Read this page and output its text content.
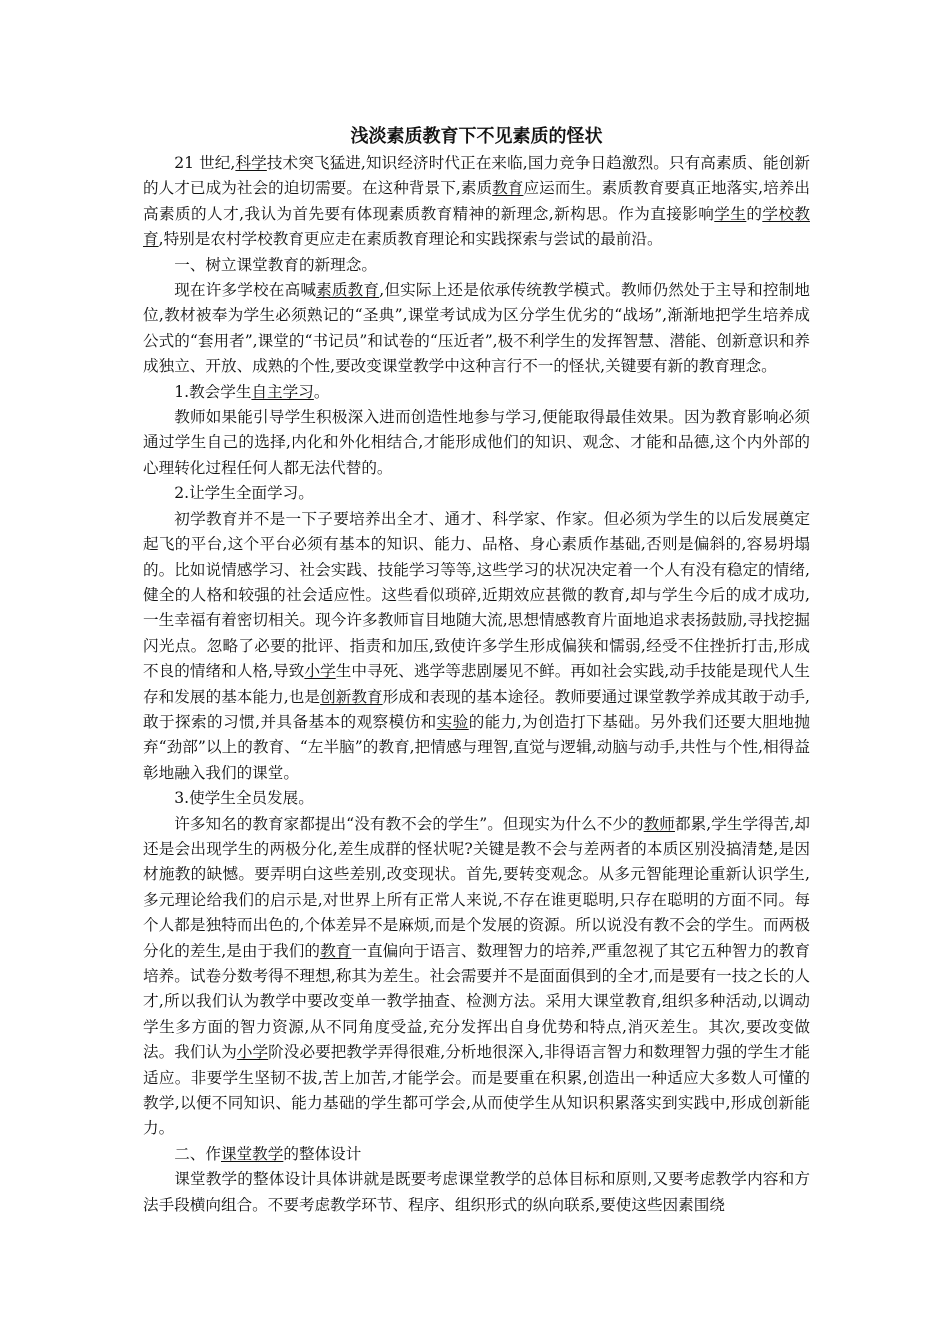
浅淡素质教育下不见素质的怪状

21 世纪,科学技术突飞猛进,知识经济时代正在来临,国力竞争日趋激烈。只有高素质、能创新的人才已成为社会的迫切需要。在这种背景下,素质教育应运而生。素质教育要真正地落实,培养出高素质的人才,我认为首先要有体现素质教育精神的新理念,新构思。作为直接影响学生的学校教育,特别是农村学校教育更应走在素质教育理论和实践探索与尝试的最前沿。

一、树立课堂教育的新理念。

现在许多学校在高喊素质教育,但实际上还是依承传统教学模式。教师仍然处于主导和控制地位,教材被奉为学生必须熟记的“圣典”,课堂考试成为区分学生优劣的“战场”,渐渐地把学生培养成公式的“套用者”,课堂的“书记员”和试卷的“压近者”,极不利学生的发挥智慧、潜能、创新意识和养成独立、开放、成熟的个性,要改变课堂教学中这种言行不一的怪状,关键要有新的教育理念。

1.教会学生自主学习。

教师如果能引导学生积极深入进而创造性地参与学习,便能取得最佳效果。因为教育影响必须通过学生自己的选择,内化和外化相结合,才能形成他们的知识、观念、才能和品德,这个内外部的心理转化过程任何人都无法代替的。

2.让学生全面学习。

初学教育并不是一下子要培养出全才、通才、科学家、作家。但必须为学生的以后发展奠定起飞的平台,这个平台必须有基本的知识、能力、品格、身心素质作基础,否则是偏斜的,容易坍塌的。比如说情感学习、社会实践、技能学习等等,这些学习的状况决定着一个人有没有稳定的情绪,健全的人格和较强的社会适应性。这些看似琐碎,近期效应甚微的教育,却与学生今后的成才成功,一生幸福有着密切相关。现今许多教师盲目地随大流,思想情感教育片面地追求表扬鼓励,寻找挖掘闪光点。忽略了必要的批评、指责和加压,致使许多学生形成偏狭和懦弱,经受不住挫折打击,形成不良的情绪和人格,导致小学生中寻死、逃学等悲剧屡见不鲜。再如社会实践,动手技能是现代人生存和发展的基本能力,也是创新教育形成和表现的基本途径。教师要通过课堂教学养成其敢于动手,敢于探索的习惯,并具备基本的观察模仿和实验的能力,为创造打下基础。另外我们还要大胆地抛弃“劲部”以上的教育、“左半脑”的教育,把情感与理智,直觉与逻辑,动脑与动手,共性与个性,相得益彰地融入我们的课堂。

3.使学生全员发展。

许多知名的教育家都提出“没有教不会的学生”。但现实为什么不少的教师都累,学生学得苦,却还是会出现学生的两极分化,差生成群的怪状呢?关键是教不会与差两者的本质区别没搞清楚,是因材施教的缺憾。要弄明白这些差别,改变现状。首先,要转变观念。从多元智能理论重新认识学生,多元理论给我们的启示是,对世界上所有正常人来说,不存在谁更聪明,只存在聪明的方面不同。每个人都是独特而出色的,个体差异不是麻烦,而是个发展的资源。所以说没有教不会的学生。而两极分化的差生,是由于我们的教育一直偏向于语言、数理智力的培养,严重忽视了其它五种智力的教育培养。试卷分数考得不理想,称其为差生。社会需要并不是面面俱到的全才,而是要有一技之长的人才,所以我们认为教学中要改变单一教学抽查、检测方法。采用大课堂教育,组织多种活动,以调动学生多方面的智力资源,从不同角度受益,充分发挥出自身优势和特点,消灭差生。其次,要改变做法。我们认为小学阶没必要把教学弄得很难,分析地很深入,非得语言智力和数理智力强的学生才能适应。非要学生坚韧不拔,苦上加苦,才能学会。而是要重在积累,创造出一种适应大多数人可懂的教学,以便不同知识、能力基础的学生都可学会,从而使学生从知识积累落实到实践中,形成创新能力。

二、作课堂教学的整体设计

课堂教学的整体设计具体讲就是既要考虑课堂教学的总体目标和原则,又要考虑教学内容和方法手段横向组合。不要考虑教学环节、程序、组织形式的纵向联系,要使这些因素围绕
